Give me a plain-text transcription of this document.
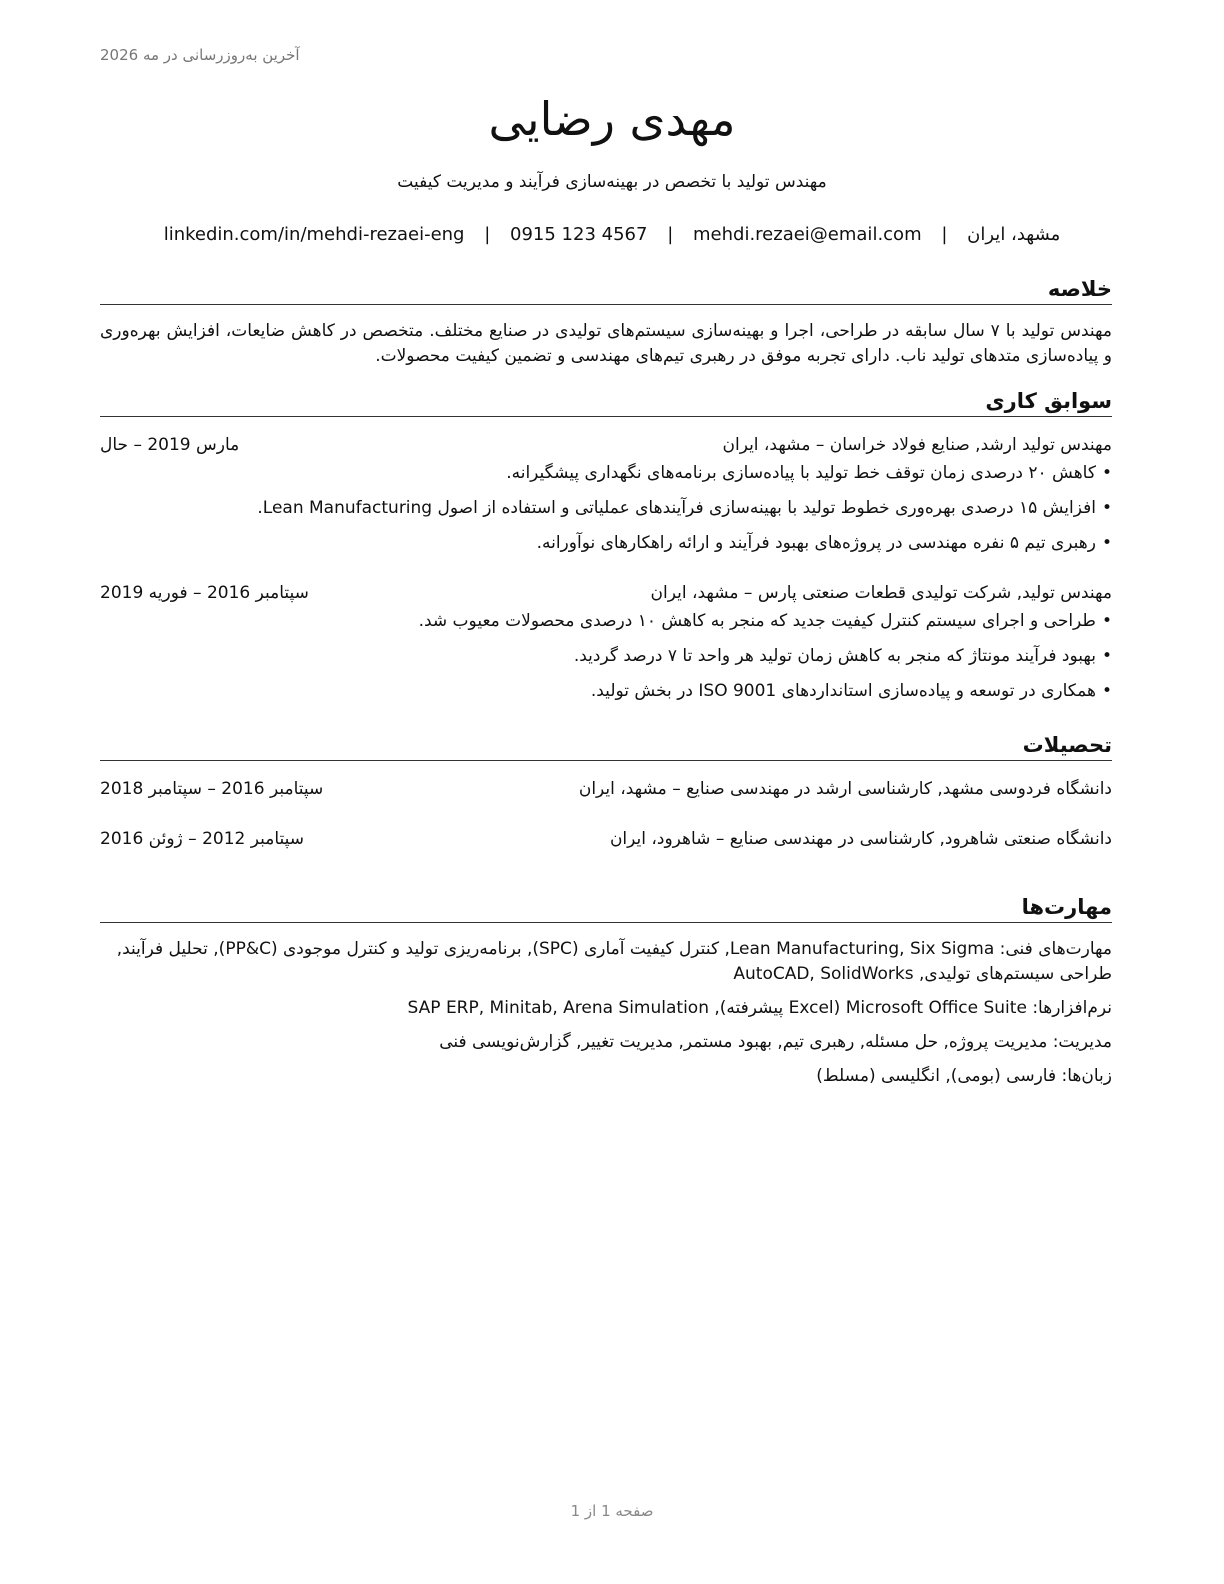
آخرین به‌روزرسانی در مه 2026
مهدی رضایی
مهندس تولید با تخصص در بهینه‌سازی فرآیند و مدیریت کیفیت
مشهد، ایران | mehdi.rezaei@email.com | 0915 123 4567 | linkedin.com/in/mehdi-rezaei-eng
خلاصه
مهندس تولید با ۷ سال سابقه در طراحی، اجرا و بهینه‌سازی سیستم‌های تولیدی در صنایع مختلف. متخصص در کاهش ضایعات، افزایش بهره‌وری و پیاده‌سازی متدهای تولید ناب. دارای تجربه موفق در رهبری تیم‌های مهندسی و تضمین کیفیت محصولات.
سوابق کاری
مهندس تولید ارشد, صنایع فولاد خراسان – مشهد، ایران
مارس 2019 – حال
•کاهش ۲۰ درصدی زمان توقف خط تولید با پیاده‌سازی برنامه‌های نگهداری پیشگیرانه.
•افزایش ۱۵ درصدی بهره‌وری خطوط تولید با بهینه‌سازی فرآیندهای عملیاتی و استفاده از اصول Lean Manufacturing.
•رهبری تیم ۵ نفره مهندسی در پروژه‌های بهبود فرآیند و ارائه راهکارهای نوآورانه.
مهندس تولید, شرکت تولیدی قطعات صنعتی پارس – مشهد، ایران
سپتامبر 2016 – فوریه 2019
•طراحی و اجرای سیستم کنترل کیفیت جدید که منجر به کاهش ۱۰ درصدی محصولات معیوب شد.
•بهبود فرآیند مونتاژ که منجر به کاهش زمان تولید هر واحد تا ۷ درصد گردید.
•همکاری در توسعه و پیاده‌سازی استانداردهای ISO 9001 در بخش تولید.
تحصیلات
دانشگاه فردوسی مشهد, کارشناسی ارشد در مهندسی صنایع – مشهد، ایران
سپتامبر 2016 – سپتامبر 2018
دانشگاه صنعتی شاهرود, کارشناسی در مهندسی صنایع – شاهرود، ایران
سپتامبر 2012 – ژوئن 2016
مهارت‌ها

مهارت‌های فنی: Lean Manufacturing, Six Sigma, کنترل کیفیت آماری (SPC), برنامه‌ریزی تولید و کنترل موجودی (PP&C), تحلیل فرآیند, طراحی سیستم‌های تولیدی, AutoCAD, SolidWorks

نرم‌افزارها: Microsoft Office Suite (Excel پیشرفته), SAP ERP, Minitab, Arena Simulation

مدیریت: مدیریت پروژه, حل مسئله, رهبری تیم, بهبود مستمر, مدیریت تغییر, گزارش‌نویسی فنی

زبان‌ها: فارسی (بومی), انگلیسی (مسلط)

صفحه 1 از 1
